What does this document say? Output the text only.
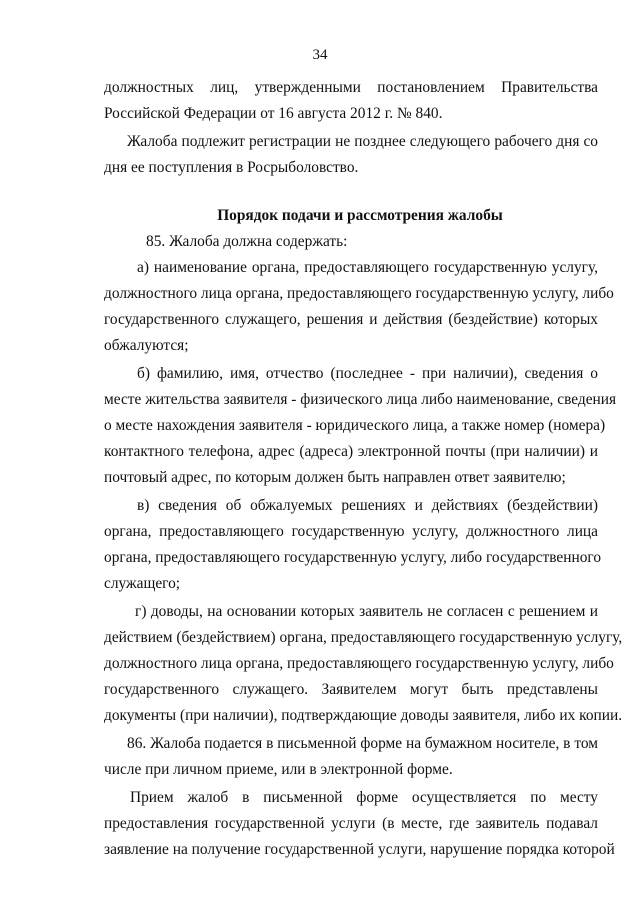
34
должностных лиц, утвержденными постановлением Правительства
Российской Федерации от 16 августа 2012 г. № 840.
Жалоба подлежит регистрации не позднее следующего рабочего дня со
дня ее поступления в Росрыболовство.
Порядок подачи и рассмотрения жалобы
85. Жалоба должна содержать:
а) наименование органа, предоставляющего государственную услугу,
должностного лица органа, предоставляющего государственную услугу, либо
государственного служащего, решения и действия (бездействие) которых
обжалуются;
б) фамилию, имя, отчество (последнее - при наличии), сведения о
месте жительства заявителя - физического лица либо наименование, сведения
о месте нахождения заявителя - юридического лица, а также номер (номера)
контактного телефона, адрес (адреса) электронной почты (при наличии) и
почтовый адрес, по которым должен быть направлен ответ заявителю;
в) сведения об обжалуемых решениях и действиях (бездействии)
органа, предоставляющего государственную услугу, должностного лица
органа, предоставляющего государственную услугу, либо государственного
служащего;
г) доводы, на основании которых заявитель не согласен с решением и
действием (бездействием) органа, предоставляющего государственную услугу,
должностного лица органа, предоставляющего государственную услугу, либо
государственного служащего. Заявителем могут быть представлены
документы (при наличии), подтверждающие доводы заявителя, либо их копии.
86. Жалоба подается в письменной форме на бумажном носителе, в том
числе при личном приеме, или в электронной форме.
Прием жалоб в письменной форме осуществляется по месту
предоставления государственной услуги (в месте, где заявитель подавал
заявление на получение государственной услуги, нарушение порядка которой
